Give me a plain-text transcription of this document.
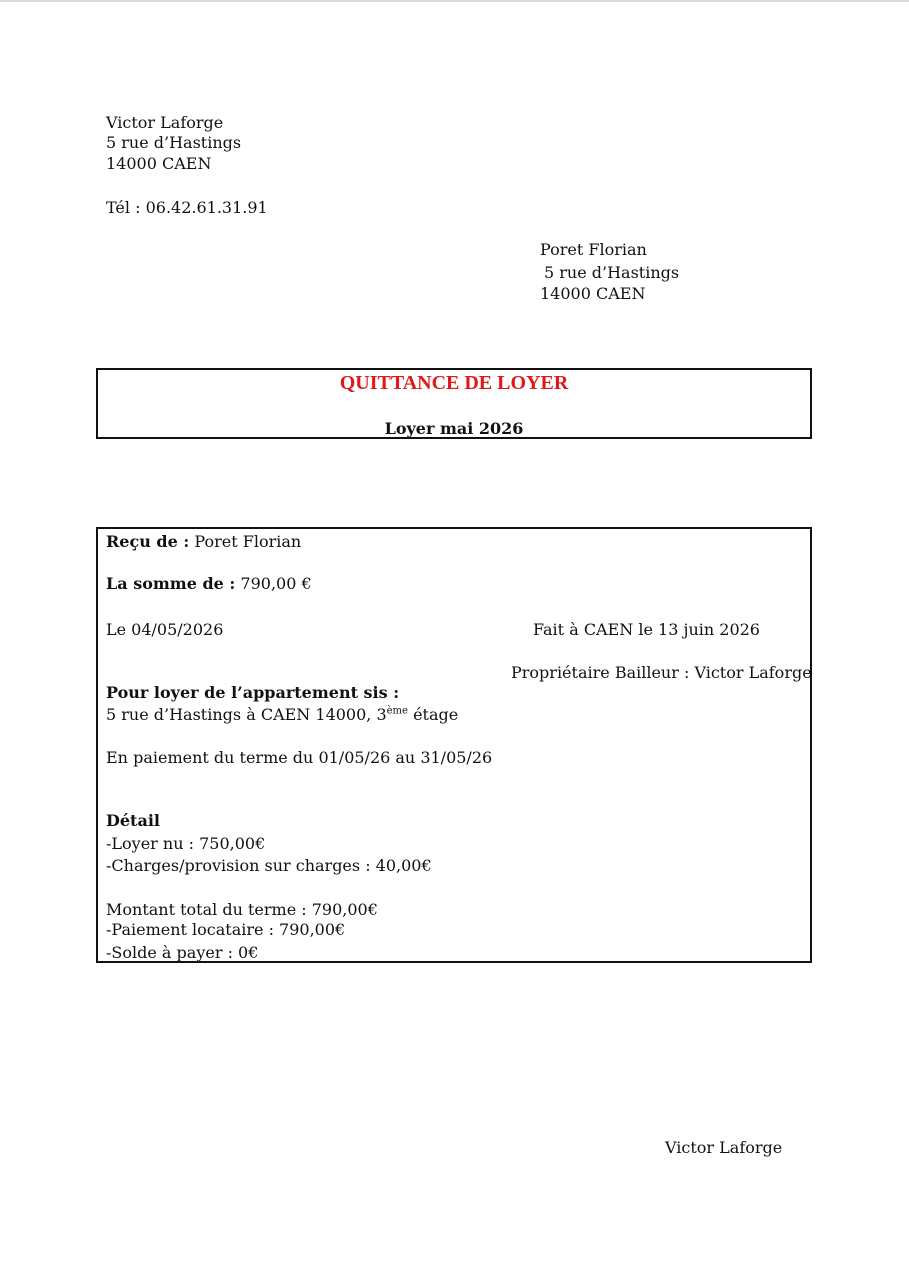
Victor Laforge
5 rue d’Hastings
14000 CAEN
Tél : 06.42.61.31.91
Poret Florian
5 rue d’Hastings
14000 CAEN
QUITTANCE DE LOYER
Loyer mai 2026
Reçu de : Poret Florian
La somme de : 790,00 €
Le 04/05/2026	Fait à CAEN le 13 juin 2026
Propriétaire Bailleur : Victor Laforge
Pour loyer de l’appartement sis :
5 rue d’Hastings à CAEN 14000, 3ème étage
En paiement du terme du 01/05/26 au 31/05/26
Détail
-Loyer nu : 750,00€
-Charges/provision sur charges : 40,00€
Montant total du terme : 790,00€
-Paiement locataire : 790,00€
-Solde à payer : 0€
Victor Laforge
